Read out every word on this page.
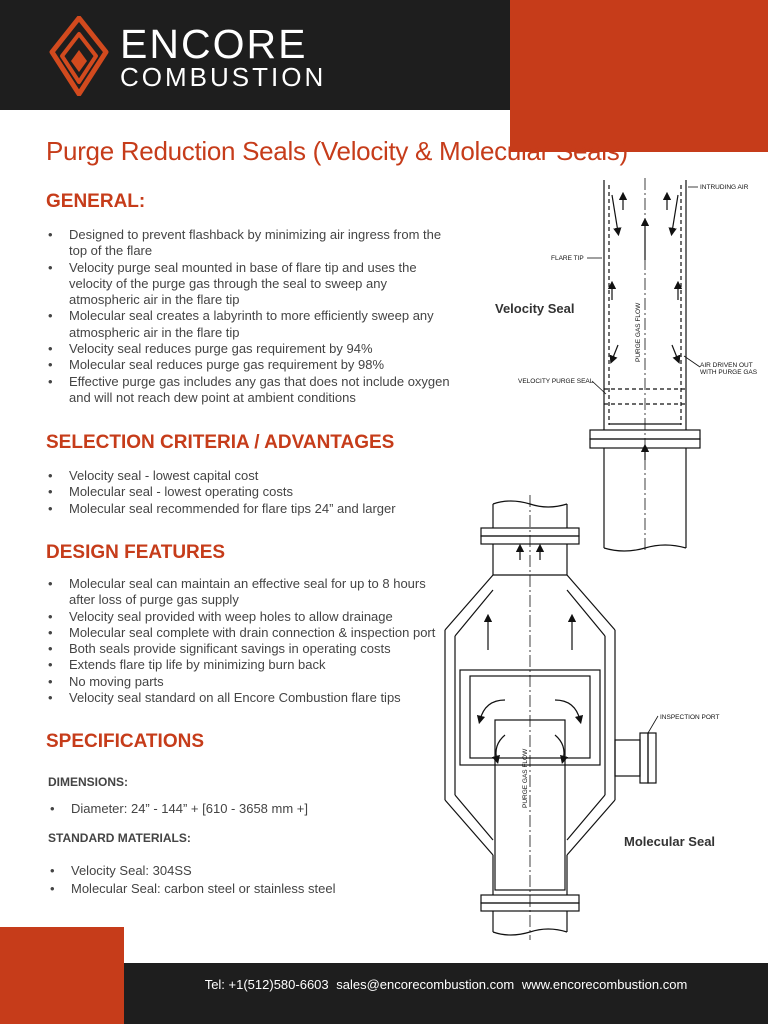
ENCORE
COMBUSTION
Purge Reduction Seals (Velocity & Molecular Seals)
GENERAL:
• Designed to prevent flashback by minimizing air ingress from the top of the flare
• Velocity purge seal mounted in base of flare tip and uses the velocity of the purge gas through the seal to sweep any atmospheric air in the flare tip
• Molecular seal creates a labyrinth to more efficiently sweep any atmospheric air in the flare tip
• Velocity seal reduces purge gas requirement by 94%
• Molecular seal reduces purge gas requirement by 98%
• Effective purge gas includes any gas that does not include oxygen and will not reach dew point at ambient conditions
SELECTION CRITERIA / ADVANTAGES
• Velocity seal - lowest capital cost
• Molecular seal - lowest operating costs
• Molecular seal recommended for flare tips 24” and larger
DESIGN FEATURES
• Molecular seal can maintain an effective seal for up to 8 hours after loss of purge gas supply
• Velocity seal provided with weep holes to allow drainage
• Molecular seal complete with drain connection & inspection port
• Both seals provide significant savings in operating costs
• Extends flare tip life by minimizing burn back
• No moving parts
• Velocity seal standard on all Encore Combustion flare tips
SPECIFICATIONS
DIMENSIONS:
• Diameter: 24” - 144” + [610 - 3658 mm +]
STANDARD MATERIALS:
• Velocity Seal: 304SS
• Molecular Seal: carbon steel or stainless steel
INTRUDING AIR
FLARE TIP
AIR DRIVEN OUT
WITH PURGE GAS
VELOCITY PURGE SEAL
PURGE GAS FLOW
INSPECTION PORT
PURGE GAS FLOW
Velocity Seal
Molecular Seal
Tel: +1(512)580-6603 sales@encorecombustion.com www.encorecombustion.com
